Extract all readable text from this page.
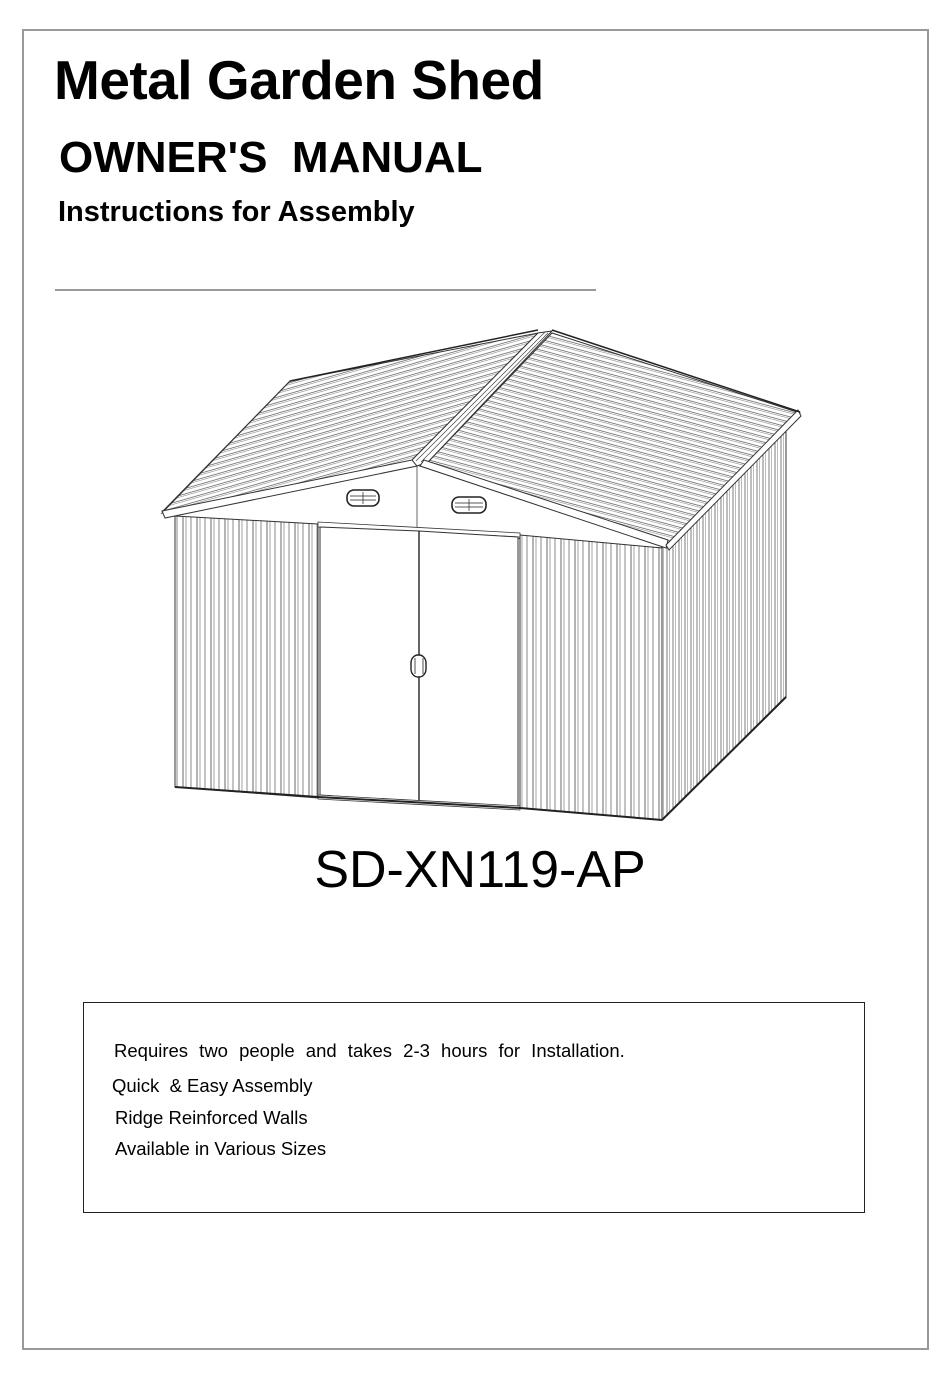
Metal Garden Shed
OWNER'S  MANUAL
Instructions for Assembly
SD-XN119-AP
Requires two people and takes 2-3 hours for Installation.
Quick  & Easy Assembly
Ridge Reinforced Walls
Available in Various Sizes
